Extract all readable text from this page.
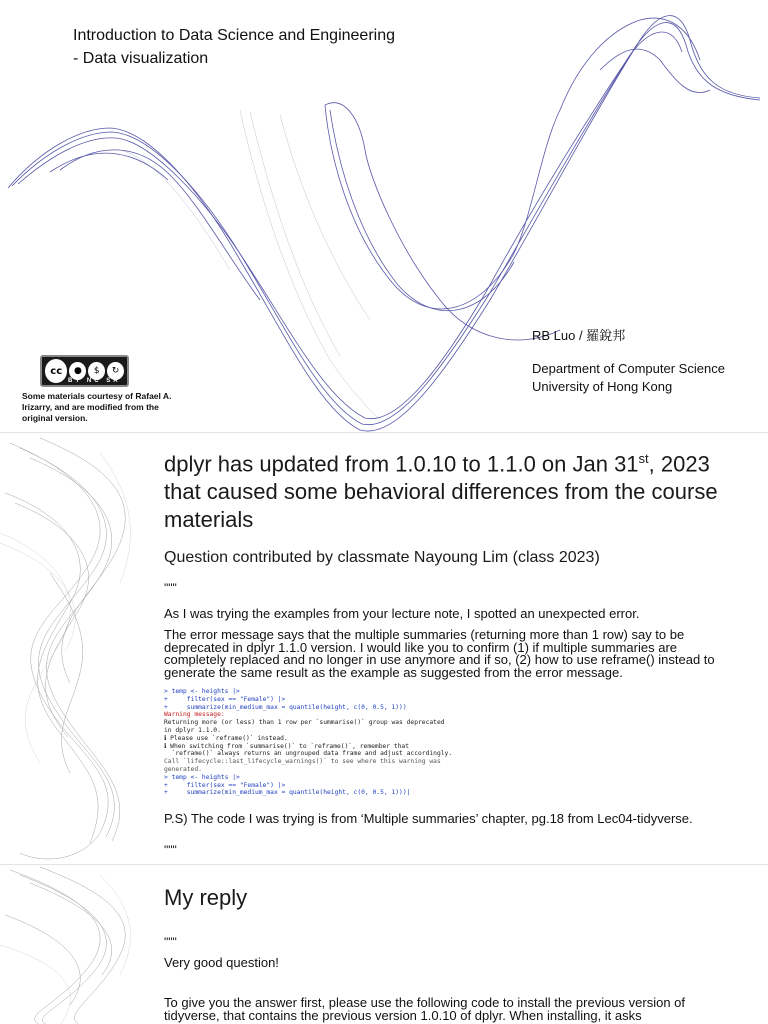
Introduction to Data Science and Engineering
- Data visualization
RB Luo / 羅銳邦
Department of Computer Science
University of Hong Kong
cc	●	$	↻
BY NC SA
Some materials courtesy of Rafael A. Irizarry, and are modified from the original version.
dplyr has updated from 1.0.10 to 1.1.0 on Jan 31st, 2023 that caused some behavioral differences from the course materials
Question contributed by classmate Nayoung Lim (class 2023)
"""
As I was trying the examples from your lecture note, I spotted an unexpected error.
The error message says that the multiple summaries (returning more than 1 row) say to be deprecated in dplyr 1.1.0 version. I would like you to confirm (1) if multiple summaries are completely replaced and no longer in use anymore and if so, (2) how to use reframe() instead to generate the same result as the example as suggested from the error message.
> temp <- heights |>
+     filter(sex == "Female") |>
+     summarize(min_medium_max = quantile(height, c(0, 0.5, 1)))
Warning message:
Returning more (or less) than 1 row per `summarise()` group was deprecated
in dplyr 1.1.0.
ℹ Please use `reframe()` instead.
ℹ When switching from `summarise()` to `reframe()`, remember that
`reframe()` always returns an ungrouped data frame and adjust accordingly.
Call `lifecycle::last_lifecycle_warnings()` to see where this warning was
generated.
> temp <- heights |>
+     filter(sex == "Female") |>
+     summarize(min_medium_max = quantile(height, c(0, 0.5, 1)))|
P.S) The code I was trying is from ‘Multiple summaries’ chapter, pg.18 from Lec04-tidyverse.
"""
My reply
"""
Very good question!
To give you the answer first, please use the following code to install the previous version of tidyverse, that contains the previous version 1.0.10 of dplyr. When installing, it asks
